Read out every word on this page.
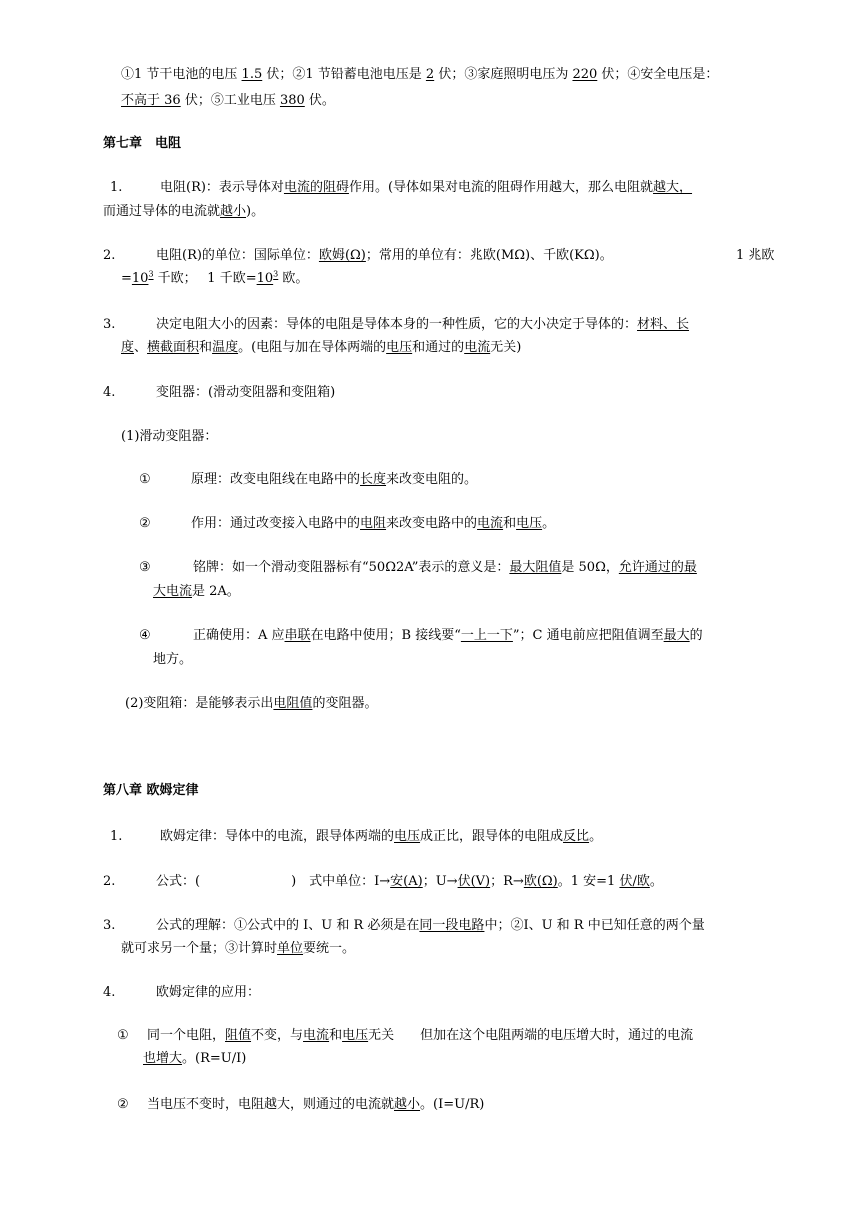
①1 节干电池的电压 1.5 伏；②1 节铅蓄电池电压是 2 伏；③家庭照明电压为 220 伏；④安全电压是：
不高于 36 伏；⑤工业电压 380 伏。
第七章　电阻
1.	电阻(R)：表示导体对电流的阻碍作用。(导体如果对电流的阻碍作用越大，那么电阻就越大，
而通过导体的电流就越小)。
2.	电阻(R)的单位：国际单位：欧姆(Ω)；常用的单位有：兆欧(MΩ)、千欧(KΩ)。	1 兆欧
$=10^3$ 千欧；　 1 千欧$=10^3$ 欧。
3.	决定电阻大小的因素：导体的电阻是导体本身的一种性质，它的大小决定于导体的：材料、长
度、横截面积和温度。(电阻与加在导体两端的电压和通过的电流无关)
4.	变阻器：(滑动变阻器和变阻箱)
(1)滑动变阻器：
①	原理：改变电阻线在电路中的长度来改变电阻的。
②	作用：通过改变接入电路中的电阻来改变电路中的电流和电压。
③	铭牌：如一个滑动变阻器标有“50Ω2A”表示的意义是：最大阻值是 50Ω，允许通过的最
大电流是 2A。
④	正确使用：A 应串联在电路中使用；B 接线要“一上一下”；C 通电前应把阻值调至最大的
地方。
(2)变阻箱：是能够表示出电阻值的变阻器。
第八章 欧姆定律
1.	欧姆定律：导体中的电流，跟导体两端的电压成正比，跟导体的电阻成反比。
2.	公式：(　　　　　　　)　式中单位：I→安(A)；U→伏(V)；R→欧(Ω)。1 安=1 伏/欧。
3.	公式的理解：①公式中的 I、U 和 R 必须是在同一段电路中；②I、U 和 R 中已知任意的两个量
就可求另一个量；③计算时单位要统一。
4.	欧姆定律的应用：
① 同一个电阻，阻值不变，与电流和电压无关　　但加在这个电阻两端的电压增大时，通过的电流
也增大。(R=U/I)
② 当电压不变时，电阻越大，则通过的电流就越小。(I=U/R)
